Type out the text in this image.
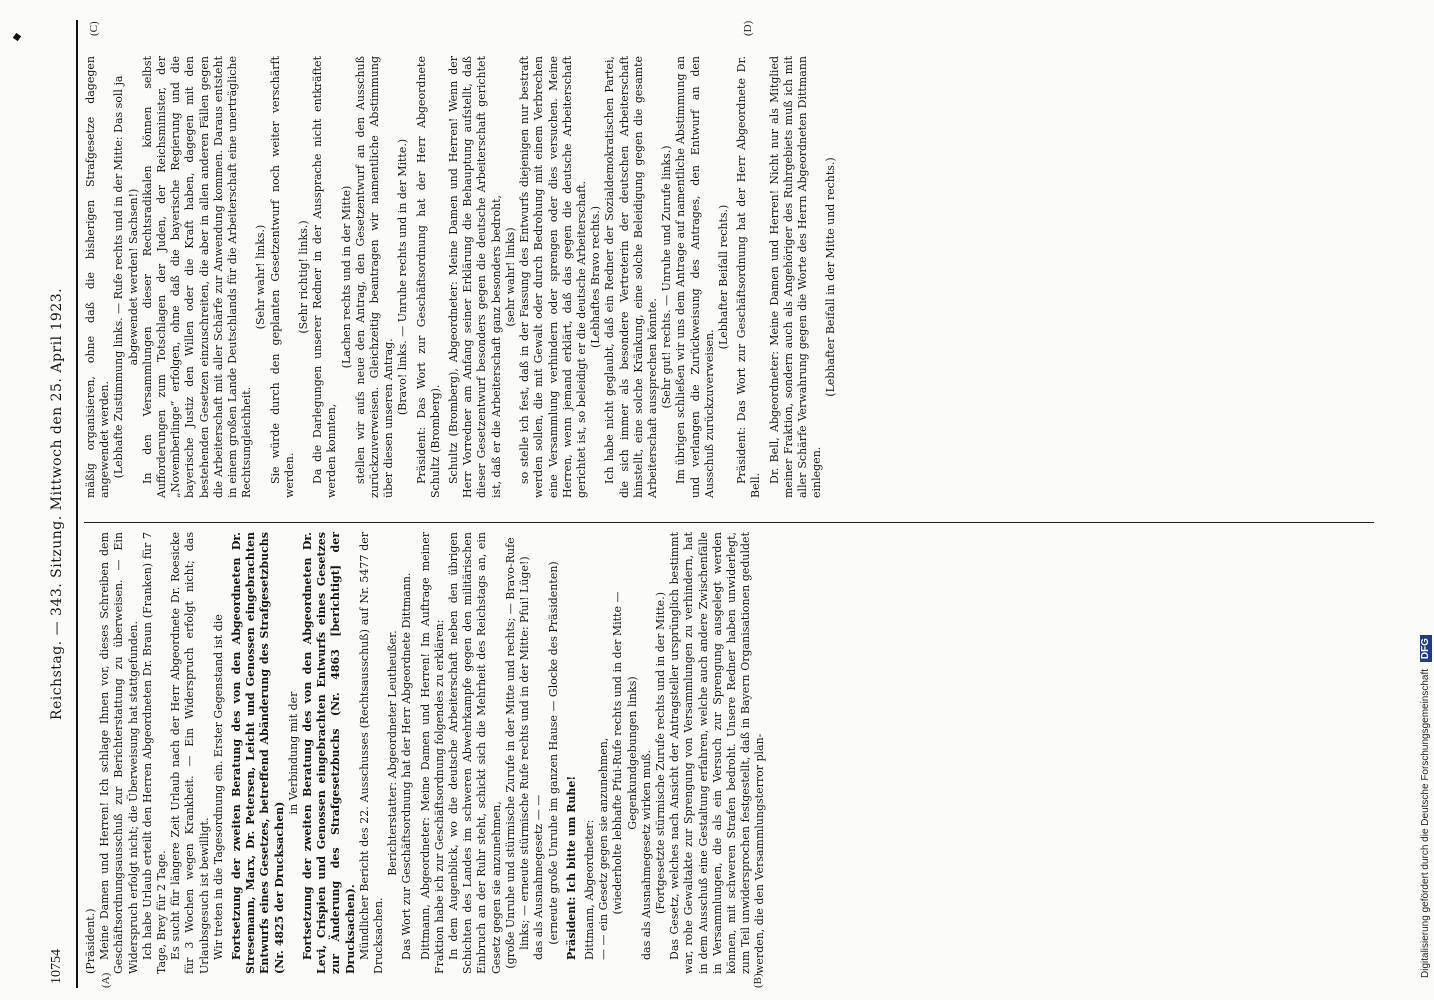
10754
Reichstag. — 343. Sitzung. Mittwoch den 25. April 1923.
(A)	(B)
(C)	(D)

(Präsident.) Meine Damen und Herren! Ich schlage Ihnen vor, dieses Schreiben dem Geschäftsordnungsausschuß zur Berichterstattung zu überweisen. — Ein Widerspruch erfolgt nicht; die Überweisung hat stattgefunden. Ich habe Urlaub erteilt den Herren Abgeordneten Dr. Braun (Franken) für 7 Tage, Brey für 2 Tage. Es sucht für längere Zeit Urlaub nach der Herr Abgeordnete Dr. Roesicke für 3 Wochen wegen Krankheit. — Ein Widerspruch erfolgt nicht; das Urlaubsgesuch ist bewilligt. Wir treten in die Tagesordnung ein. Erster Gegenstand ist die Fortsetzung der zweiten Beratung des von den Abgeordneten Dr. Stresemann, Marx, Dr. Petersen, Leicht und Genossen eingebrachten Entwurfs eines Gesetzes, betreffend Abänderung des Strafgesetzbuchs (Nr. 4825 der Drucksachen)

in Verbindung mit der Fortsetzung der zweiten Beratung des von den Abgeordneten Dr. Levi, Crispien und Genossen eingebrachten Entwurfs eines Gesetzes zur Änderung des Strafgesetzbuchs (Nr. 4863 [berichtigt] der Drucksachen). Mündlicher Bericht des 22. Ausschusses (Rechtsausschuß) auf Nr. 5477 der Drucksachen.

Berichterstatter: Abgeordneter Leutheußer. Das Wort zur Geschäftsordnung hat der Herr Abgeordnete Dittmann. Dittmann, Abgeordneter: Meine Damen und Herren! Im Auftrage meiner Fraktion habe ich zur Geschäftsordnung folgendes zu erklären: In dem Augenblick, wo die deutsche Arbeiterschaft neben den übrigen Schichten des Landes im schweren Abwehrkampfe gegen den militärischen Einbruch an der Ruhr steht, schickt sich die Mehrheit des Reichstags an, ein Gesetz gegen sie anzunehmen, (große Unruhe und stürmische Zurufe in der Mitte und rechts; — Bravo-Rufe links; — erneute stürmische Rufe rechts und in der Mitte: Pfui! Lüge!) das als Ausnahmegesetz — — (erneute große Unruhe im ganzen Hause — Glocke des Präsidenten) Präsident: Ich bitte um Ruhe! Dittmann, Abgeordneter: — — ein Gesetz gegen sie anzunehmen, (wiederholte lebhafte Pfui-Rufe rechts und in der Mitte — Gegenkundgebungen links) das als Ausnahmegesetz wirken muß. (Fortgesetzte stürmische Zurufe rechts und in der Mitte.) Das Gesetz, welches nach Ansicht der Antragsteller ursprünglich bestimmt war, rohe Gewaltakte zur Sprengung von Versammlungen zu verhindern, hat in dem Ausschuß eine Gestaltung erfahren, welche auch andere Zwischenfälle in Versammlungen, die als ein Versuch zur Sprengung ausgelegt werden können, mit schweren Strafen bedroht. Unsere Redner haben unwiderlegt, zum Teil unwidersprochen festgestellt, daß in Bayern Organisationen geduldet werden, die den Versammlungsterror plan-

mäßig organisieren, ohne daß die bisherigen Strafgesetze dagegen angewendet werden. (Lebhafte Zustimmung links. — Rufe rechts und in der Mitte: Das soll ja abgewendet werden! Sachsen!) In den Versammlungen dieser Rechtsradikalen können selbst Aufforderungen zum Totschlagen der Juden, der Reichsminister, der „Novemberlinge“ erfolgen, ohne daß die bayerische Regierung und die bayerische Justiz den Willen oder die Kraft haben, dagegen mit den bestehenden Gesetzen einzuschreiten, die aber in allen anderen Fällen gegen die Arbeiterschaft mit aller Schärfe zur Anwendung kommen. Daraus entsteht in einem großen Lande Deutschlands für die Arbeiterschaft eine unerträgliche Rechtsungleichheit.

(Sehr wahr! links.) Sie würde durch den geplanten Gesetzentwurf noch weiter verschärft werden.

(Sehr richtig! links.) Da die Darlegungen unserer Redner in der Aussprache nicht entkräftet werden konnten,

(Lachen rechts und in der Mitte) stellen wir aufs neue den Antrag, den Gesetzentwurf an den Ausschuß zurückzuverweisen. Gleichzeitig beantragen wir namentliche Abstimmung über diesen unseren Antrag.

(Bravo! links. — Unruhe rechts und in der Mitte.) Präsident: Das Wort zur Geschäftsordnung hat der Herr Abgeordnete Schultz (Bromberg). Schultz (Bromberg), Abgeordneter: Meine Damen und Herren! Wenn der Herr Vorredner am Anfang seiner Erklärung die Behauptung aufstellt, daß dieser Gesetzentwurf besonders gegen die deutsche Arbeiterschaft gerichtet ist, daß er die Arbeiterschaft ganz besonders bedroht, (sehr wahr! links) so stelle ich fest, daß in der Fassung des Entwurfs diejenigen nur bestraft werden sollen, die mit Gewalt oder durch Bedrohung mit einem Verbrechen eine Versammlung verhindern oder sprengen oder dies versuchen. Meine Herren, wenn jemand erklärt, daß das gegen die deutsche Arbeiterschaft gerichtet ist, so beleidigt er die deutsche Arbeiterschaft. (Lebhaftes Bravo rechts.) Ich habe nicht geglaubt, daß ein Redner der Sozialdemokratischen Partei, die sich immer als besondere Vertreterin der deutschen Arbeiterschaft hinstellt, eine solche Kränkung, eine solche Beleidigung gegen die gesamte Arbeiterschaft aussprechen könnte. (Sehr gut! rechts. — Unruhe und Zurufe links.) Im übrigen schließen wir uns dem Antrage auf namentliche Abstimmung an und verlangen die Zurückweisung des Antrages, den Entwurf an den Ausschuß zurückzuverweisen.

(Lebhafter Beifall rechts.) Präsident: Das Wort zur Geschäftsordnung hat der Herr Abgeordnete Dr. Bell.

Dr. Bell, Abgeordneter: Meine Damen und Herren! Nicht nur als Mitglied meiner Fraktion, sondern auch als Angehöriger des Ruhrgebiets muß ich mit aller Schärfe Verwahrung gegen die Worte des Herrn Abgeordneten Dittmann einlegen.

(Lebhafter Beifall in der Mitte und rechts.)

Digitalisierung gefördert durch die Deutsche Forschungsgemeinschaft DFG
